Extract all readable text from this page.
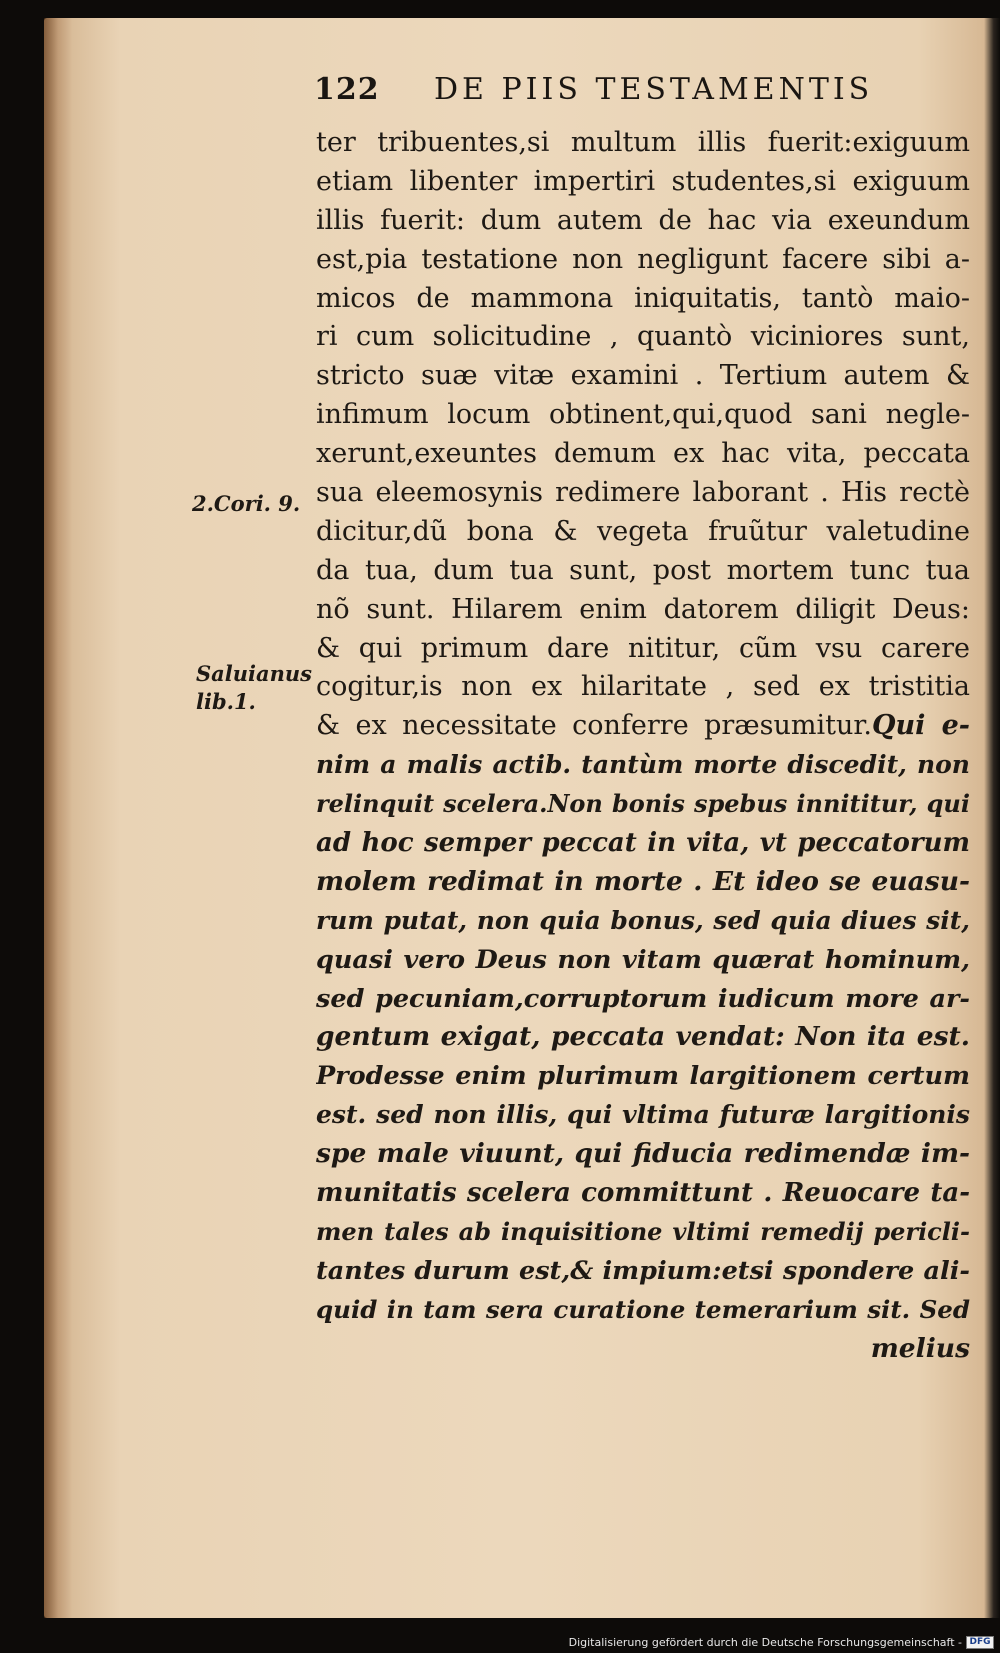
122 DE PIIS TESTAMENTIS
2.Cori. 9.
Saluianus
lib.1.
ter tribuentes,si multum illis fuerit:exiguum
etiam libenter impertiri studentes,si exiguum
illis fuerit: dum autem de hac via exeundum
est,pia testatione non negligunt facere sibi a-
micos de mammona iniquitatis, tantò maio-
ri cum solicitudine , quantò viciniores sunt,
stricto suæ vitæ examini . Tertium autem &
infimum locum obtinent,qui,quod sani negle-
xerunt,exeuntes demum ex hac vita, peccata
sua eleemosynis redimere laborant . His rectè
dicitur,dũ bona & vegeta fruũtur valetudine
da tua, dum tua sunt, post mortem tunc tua
nõ sunt. Hilarem enim datorem diligit Deus:
& qui primum dare nititur, cũm vsu carere
cogitur,is non ex hilaritate , sed ex tristitia
& ex necessitate conferre præsumitur.Qui e-
nim a malis actib. tantùm morte discedit, non
relinquit scelera.Non bonis spebus innititur, qui
ad hoc semper peccat in vita, vt peccatorum
molem redimat in morte . Et ideo se euasu-
rum putat, non quia bonus, sed quia diues sit,
quasi vero Deus non vitam quærat hominum,
sed pecuniam,corruptorum iudicum more ar-
gentum exigat, peccata vendat: Non ita est.
Prodesse enim plurimum largitionem certum
est. sed non illis, qui vltima futuræ largitionis
spe male viuunt, qui fiducia redimendæ im-
munitatis scelera committunt . Reuocare ta-
men tales ab inquisitione vltimi remedij pericli-
tantes durum est,& impium:etsi spondere ali-
quid in tam sera curatione temerarium sit. Sed
melius
Digitalisierung gefördert durch die Deutsche Forschungsgemeinschaft - DFG
